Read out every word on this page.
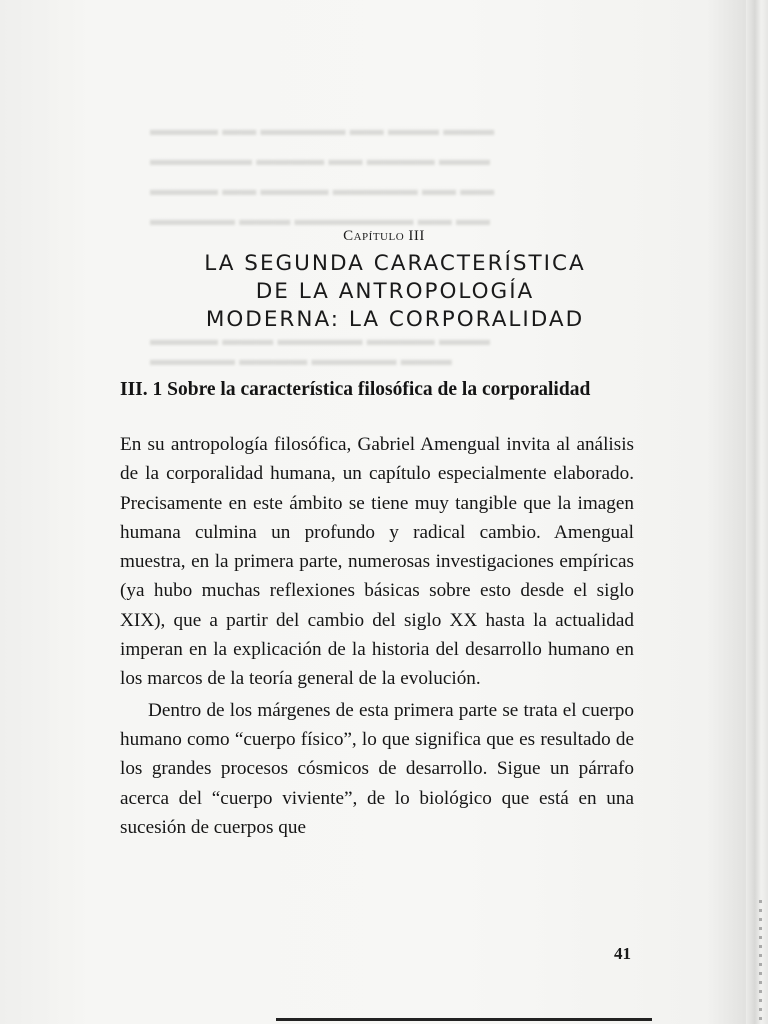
▬▬▬▬ ▬▬ ▬▬▬▬▬ ▬▬ ▬▬▬ ▬▬▬
▬▬▬▬▬▬ ▬▬▬▬ ▬▬ ▬▬▬▬ ▬▬▬
▬▬▬▬ ▬▬ ▬▬▬▬ ▬▬▬▬▬ ▬▬ ▬▬
▬▬▬▬▬ ▬▬▬ ▬▬▬▬▬▬▬ ▬▬ ▬▬
▬▬▬▬ ▬▬▬ ▬▬▬▬▬ ▬▬▬▬ ▬▬▬
▬▬▬▬▬ ▬▬▬▬ ▬▬▬▬▬ ▬▬▬
Capítulo III
LA SEGUNDA CARACTERÍSTICA
DE LA ANTROPOLOGÍA
MODERNA: LA CORPORALIDAD
III. 1 Sobre la característica filosófica de la corporalidad

En su antropología filosófica, Gabriel Amengual invita al análisis de la corporalidad humana, un capítulo especialmente elaborado. Precisamente en este ámbito se tiene muy tangible que la imagen humana culmina un profundo y radical cambio. Amengual muestra, en la primera parte, numerosas investigaciones empíricas (ya hubo muchas reflexiones básicas sobre esto desde el siglo XIX), que a partir del cambio del siglo XX hasta la actualidad imperan en la explicación de la historia del desarrollo humano en los marcos de la teoría general de la evolución.

Dentro de los márgenes de esta primera parte se trata el cuerpo humano como “cuerpo físico”, lo que significa que es resultado de los grandes procesos cósmicos de desarrollo. Sigue un párrafo acerca del “cuerpo viviente”, de lo biológico que está en una sucesión de cuerpos que

41
